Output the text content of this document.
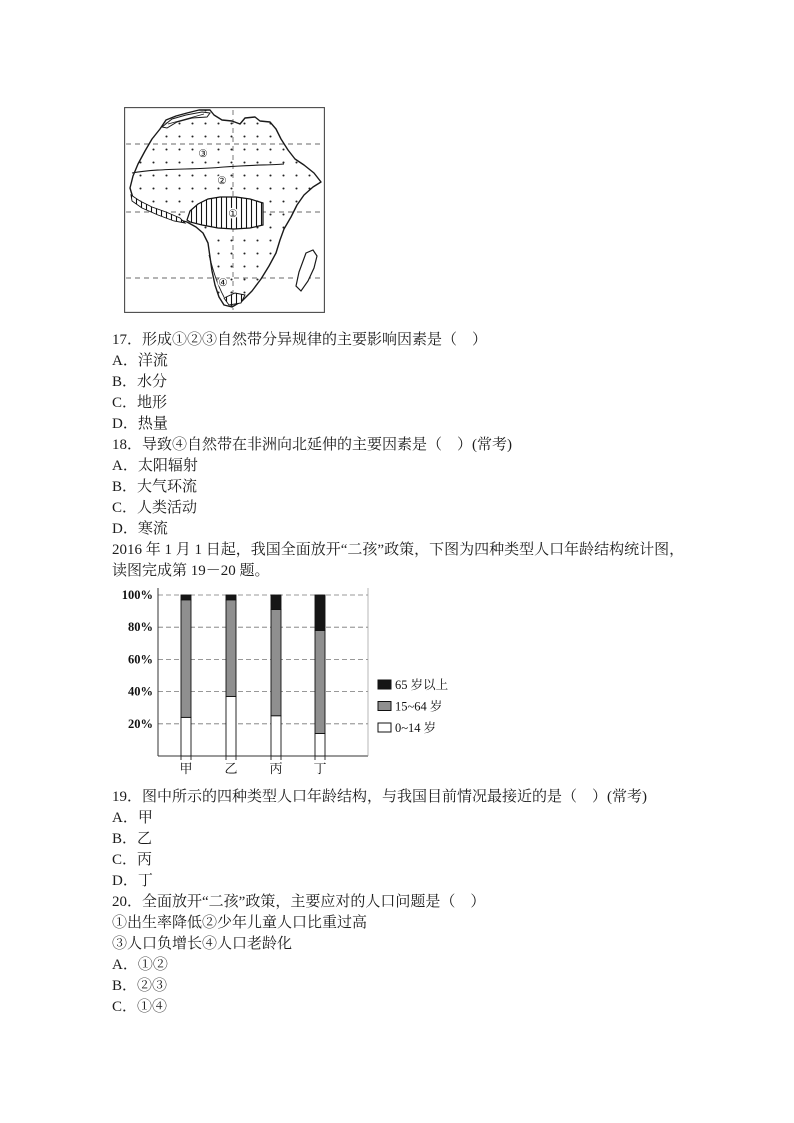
③
②
①
④
17．形成①②③自然带分异规律的主要影响因素是（　）
A．洋流
B．水分
C．地形
D．热量
18．导致④自然带在非洲向北延伸的主要因素是（　）(常考)
A．太阳辐射
B．大气环流
C．人类活动
D．寒流
2016 年 1 月 1 日起，我国全面放开“二孩”政策，下图为四种类型人口年龄结构统计图，
读图完成第 19－20 题。
20%
40%
60%
80%
100%
甲 乙 丙 丁
65 岁以上
15~64 岁
0~14 岁
19．图中所示的四种类型人口年龄结构，与我国目前情况最接近的是（　）(常考)
A．甲
B．乙
C．丙
D．丁
20．全面放开“二孩”政策，主要应对的人口问题是（　）
①出生率降低②少年儿童人口比重过高
③人口负增长④人口老龄化
A．①②
B．②③
C．①④
